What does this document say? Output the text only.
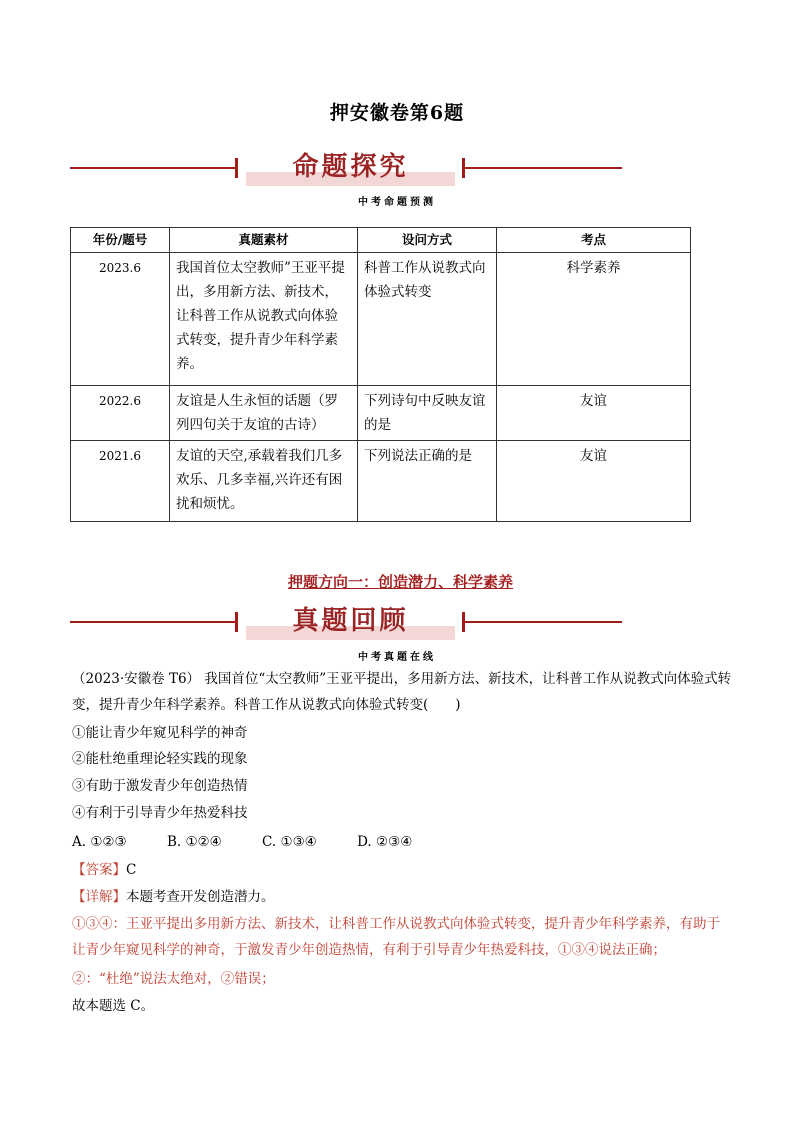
押安徽卷第6题
命题探究
中考命题预测
年份/题号	真题素材	设问方式	考点
2023.6	我国首位太空教师”王亚平提出，多用新方法、新技术，让科普工作从说教式向体验式转变，提升青少年科学素养。	科普工作从说教式向体验式转变	科学素养
2022.6	友谊是人生永恒的话题（罗列四句关于友谊的古诗）	下列诗句中反映友谊的是	友谊
2021.6	友谊的天空,承载着我们几多欢乐、几多幸福,兴许还有困扰和烦忧。	下列说法正确的是	友谊
押题方向一：创造潜力、科学素养
真题回顾
中考真题在线
（2023·安徽卷 T6） 我国首位“太空教师”王亚平提出，多用新方法、新技术，让科普工作从说教式向体验式转变，提升青少年科学素养。科普工作从说教式向体验式转变(　　)
①能让青少年窥见科学的神奇
②能杜绝重理论轻实践的现象
③有助于激发青少年创造热情
④有利于引导青少年热爱科技
A. ①②③	B. ①②④	C. ①③④	D. ②③④
【答案】C
【详解】本题考查开发创造潜力。
①③④：王亚平提出多用新方法、新技术，让科普工作从说教式向体验式转变，提升青少年科学素养，有助于让青少年窥见科学的神奇，于激发青少年创造热情，有利于引导青少年热爱科技，①③④说法正确；
②：“杜绝”说法太绝对，②错误；
故本题选 C。
